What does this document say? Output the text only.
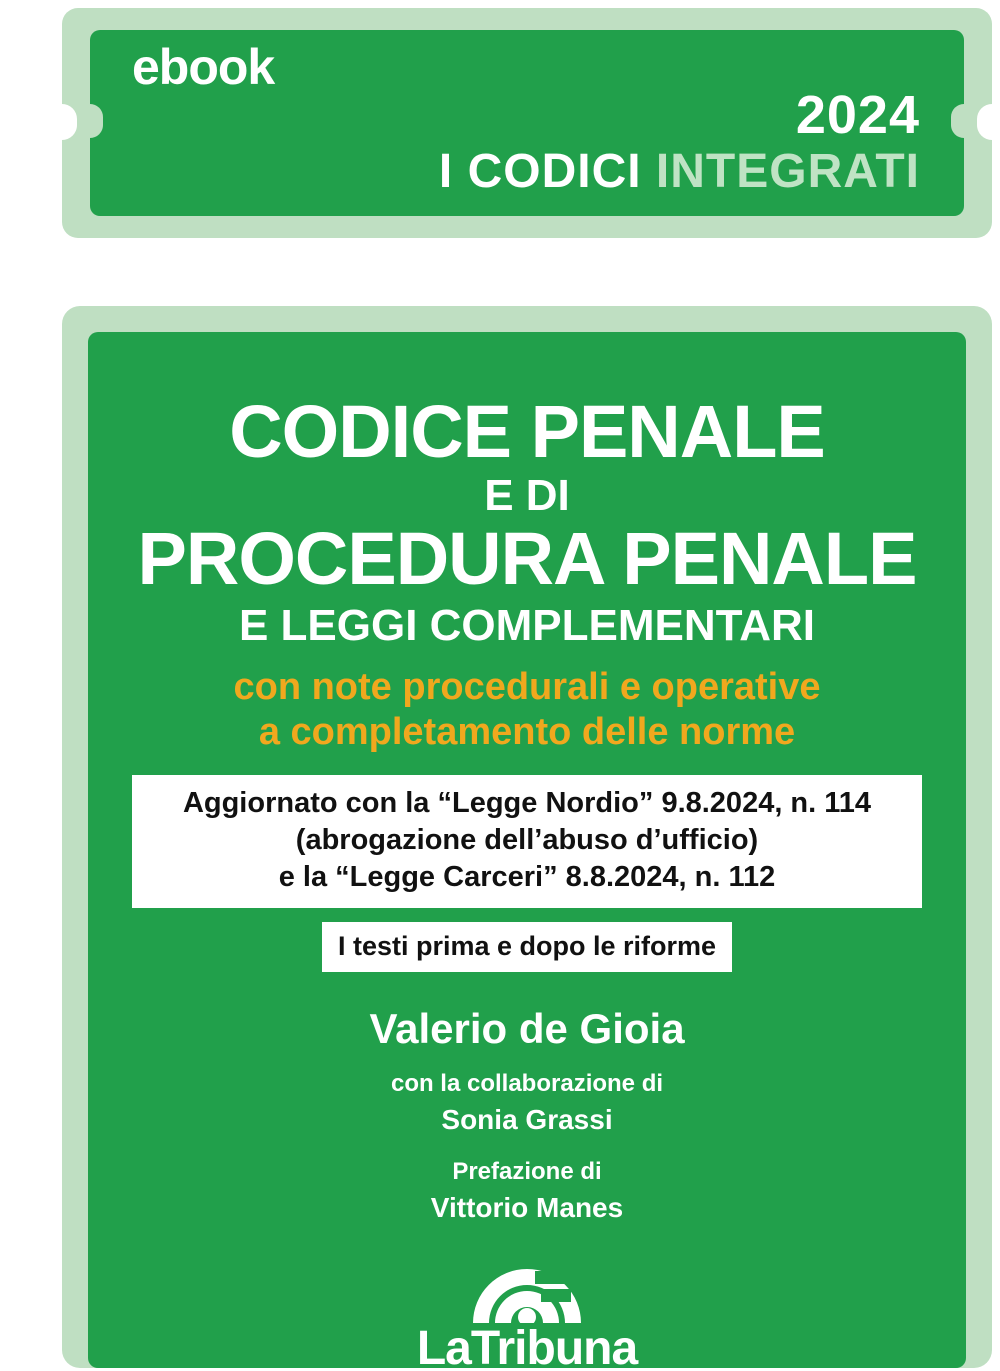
ebook
2024
I CODICI INTEGRATI
CODICE PENALE
E DI
PROCEDURA PENALE
E LEGGI COMPLEMENTARI
con note procedurali e operative
a completamento delle norme
Aggiornato con la “Legge Nordio” 9.8.2024, n. 114
(abrogazione dell’abuso d’ufficio)
e la “Legge Carceri” 8.8.2024, n. 112
I testi prima e dopo le riforme
Valerio de Gioia
con la collaborazione di
Sonia Grassi
Prefazione di
Vittorio Manes
LaTribuna
